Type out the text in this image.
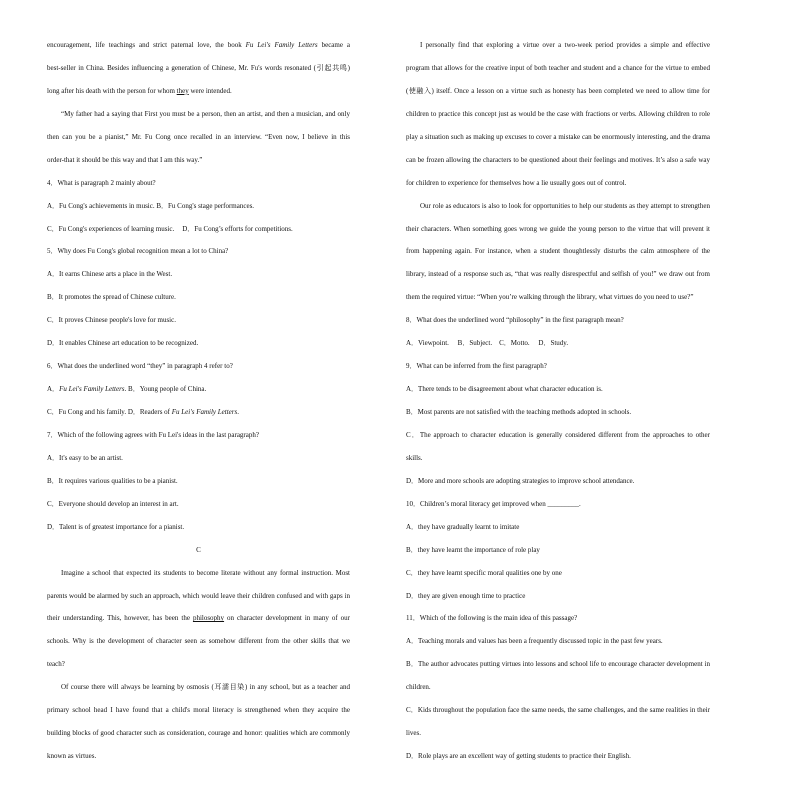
encouragement, life teachings and strict paternal love, the book Fu Lei's Family Letters became a
best-seller in China. Besides influencing a generation of Chinese, Mr. Fu's words resonated (引起共鸣)
long after his death with the person for whom they were intended.
“My father had a saying that First you must be a person, then an artist, and then a musician, and only
then can you be a pianist,” Mr. Fu Cong once recalled in an interview. “Even now, I believe in this
order-that it should be this way and that I am this way.”
4．What is paragraph 2 mainly about?
A．Fu Cong's achievements in music. B．Fu Cong's stage performances.
C．Fu Cong's experiences of learning music. D．Fu Cong’s efforts for competitions.
5．Why does Fu Cong's global recognition mean a lot to China?
A．It earns Chinese arts a place in the West.
B．It promotes the spread of Chinese culture.
C．It proves Chinese people's love for music.
D．It enables Chinese art education to be recognized.
6．What does the underlined word “they” in paragraph 4 refer to?
A．Fu Lei's Family Letters. B．Young people of China.
C．Fu Cong and his family. D．Readers of Fu Lei's Family Letters.
7．Which of the following agrees with Fu Lei's ideas in the last paragraph?
A．It's easy to be an artist.
B．It requires various qualities to be a pianist.
C．Everyone should develop an interest in art.
D．Talent is of greatest importance for a pianist.
C
Imagine a school that expected its students to become literate without any formal instruction. Most
parents would be alarmed by such an approach, which would leave their children confused and with gaps in
their understanding. This, however, has been the philosophy on character development in many of our
schools. Why is the development of character seen as somehow different from the other skills that we
teach?
Of course there will always be learning by osmosis (耳濡目染) in any school, but as a teacher and
primary school head I have found that a child's moral literacy is strengthened when they acquire the
building blocks of good character such as consideration, courage and honor: qualities which are commonly
known as virtues.
I personally find that exploring a virtue over a two-week period provides a simple and effective
program that allows for the creative input of both teacher and student and a chance for the virtue to embed
(使融入) itself. Once a lesson on a virtue such as honesty has been completed we need to allow time for
children to practice this concept just as would be the case with fractions or verbs. Allowing children to role
play a situation such as making up excuses to cover a mistake can be enormously interesting, and the drama
can be frozen allowing the characters to be questioned about their feelings and motives. It’s also a safe way
for children to experience for themselves how a lie usually goes out of control.
Our role as educators is also to look for opportunities to help our students as they attempt to strengthen
their characters. When something goes wrong we guide the young person to the virtue that will prevent it
from happening again. For instance, when a student thoughtlessly disturbs the calm atmosphere of the
library, instead of a response such as, “that was really disrespectful and selfish of you!” we draw out from
them the required virtue: “When you’re walking through the library, what virtues do you need to use?”
8．What does the underlined word “philosophy” in the first paragraph mean?
A．Viewpoint.     B．Subject.    C．Motto.     D．Study.
9．What can be inferred from the first paragraph?
A．There tends to be disagreement about what character education is.
B．Most parents are not satisfied with the teaching methods adopted in schools.
C．The approach to character education is generally considered different from the approaches to other
skills.
D．More and more schools are adopting strategies to improve school attendance.
10．Children’s moral literacy get improved when _________.
A．they have gradually learnt to imitate
B．they have learnt the importance of role play
C．they have learnt specific moral qualities one by one
D．they are given enough time to practice
11．Which of the following is the main idea of this passage?
A．Teaching morals and values has been a frequently discussed topic in the past few years.
B．The author advocates putting virtues into lessons and school life to encourage character development in
children.
C．Kids throughout the population face the same needs, the same challenges, and the same realities in their
lives.
D．Role plays are an excellent way of getting students to practice their English.
